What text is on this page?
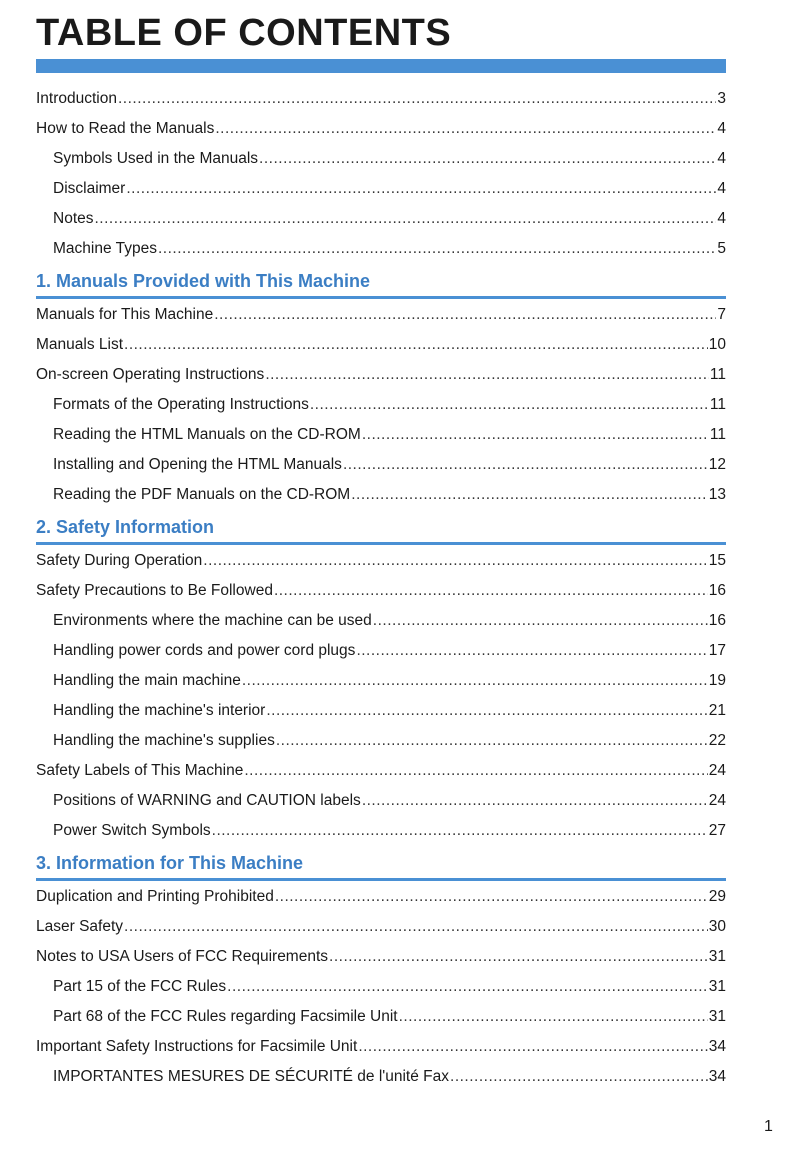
TABLE OF CONTENTS
Introduction .....	3
How to Read the Manuals .....	4
Symbols Used in the Manuals .....	4
Disclaimer .....	4
Notes .....	4
Machine Types .....	5
1. Manuals Provided with This Machine
Manuals for This Machine .....	7
Manuals List .....	10
On-screen Operating Instructions .....	11
Formats of the Operating Instructions .....	11
Reading the HTML Manuals on the CD-ROM .....	11
Installing and Opening the HTML Manuals .....	12
Reading the PDF Manuals on the CD-ROM .....	13
2. Safety Information
Safety During Operation .....	15
Safety Precautions to Be Followed .....	16
Environments where the machine can be used .....	16
Handling power cords and power cord plugs .....	17
Handling the main machine .....	19
Handling the machine's interior .....	21
Handling the machine's supplies .....	22
Safety Labels of This Machine .....	24
Positions of WARNING and CAUTION labels .....	24
Power Switch Symbols .....	27
3. Information for This Machine
Duplication and Printing Prohibited .....	29
Laser Safety .....	30
Notes to USA Users of FCC Requirements .....	31
Part 15 of the FCC Rules .....	31
Part 68 of the FCC Rules regarding Facsimile Unit .....	31
Important Safety Instructions for Facsimile Unit .....	34
IMPORTANTES MESURES DE SÉCURITÉ de l'unité Fax .....	34
1
